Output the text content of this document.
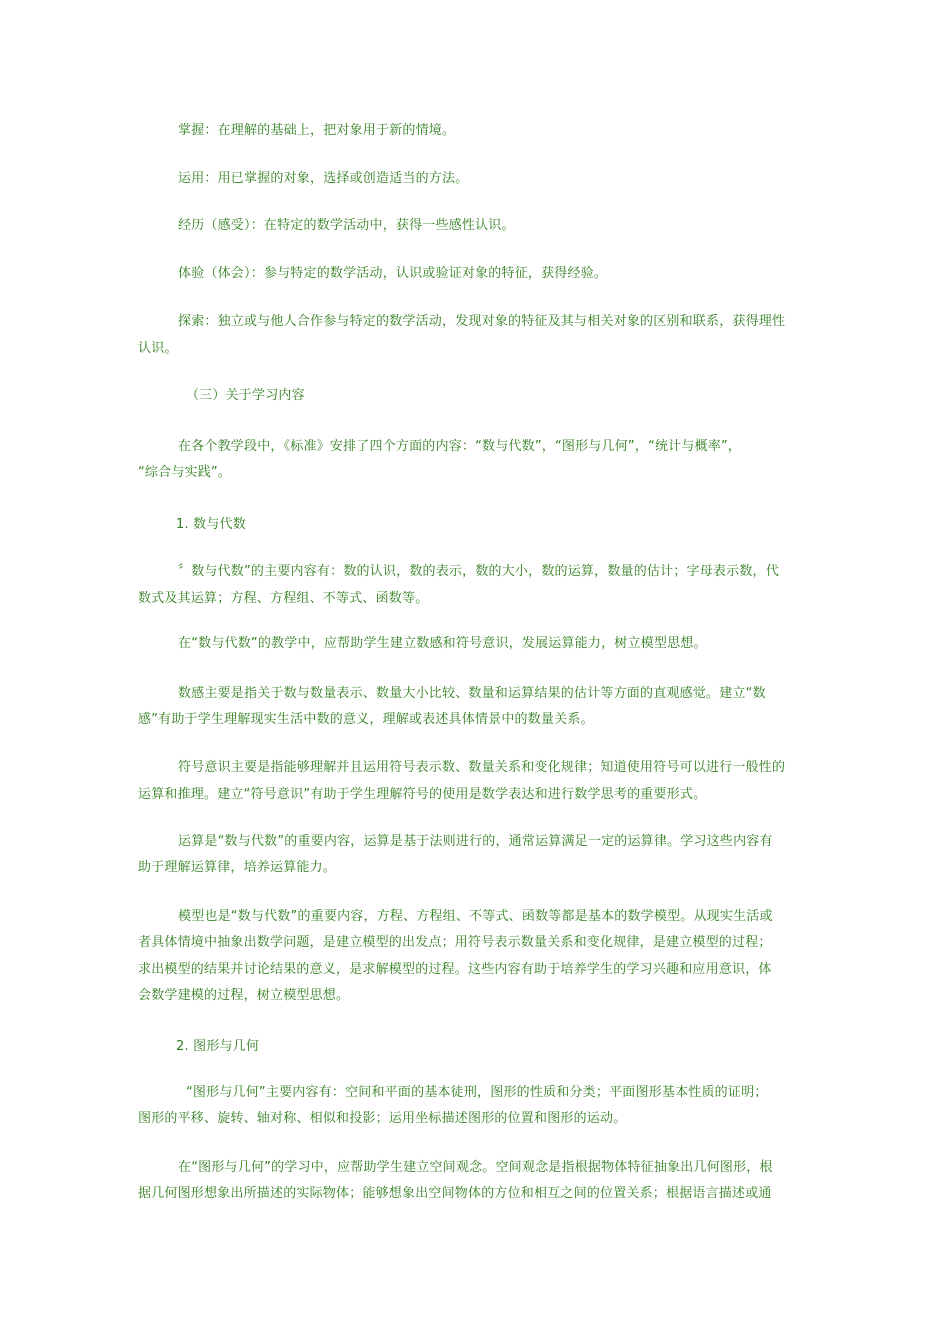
掌握：在理解的基础上，把对象用于新的情境。
运用：用已掌握的对象，选择或创造适当的方法。
经历（感受）：在特定的数学活动中，获得一些感性认识。
体验（体会）：参与特定的数学活动，认识或验证对象的特征，获得经验。
探索：独立或与他人合作参与特定的数学活动，发现对象的特征及其与相关对象的区别和联系，获得理性
认识。
（三）关于学习内容
在各个教学段中，《标准》安排了四个方面的内容：“数与代数”，“图形与几何”，“统计与概率”，
“综合与实践”。
1. 数与代数
〞数与代数”的主要内容有：数的认识，数的表示，数的大小，数的运算，数量的估计；字母表示数，代
数式及其运算；方程、方程组、不等式、函数等。
在“数与代数”的教学中，应帮助学生建立数感和符号意识，发展运算能力，树立模型思想。
数感主要是指关于数与数量表示、数量大小比较、数量和运算结果的估计等方面的直观感觉。建立“数
感”有助于学生理解现实生活中数的意义，理解或表述具体情景中的数量关系。
符号意识主要是指能够理解并且运用符号表示数、数量关系和变化规律；知道使用符号可以进行一般性的
运算和推理。建立“符号意识”有助于学生理解符号的使用是数学表达和进行数学思考的重要形式。
运算是“数与代数”的重要内容，运算是基于法则进行的，通常运算满足一定的运算律。学习这些内容有
助于理解运算律，培养运算能力。
模型也是“数与代数”的重要内容，方程、方程组、不等式、函数等都是基本的数学模型。从现实生活或
者具体情境中抽象出数学问题，是建立模型的出发点；用符号表示数量关系和变化规律，是建立模型的过程；
求出模型的结果并讨论结果的意义，是求解模型的过程。这些内容有助于培养学生的学习兴趣和应用意识，体
会数学建模的过程，树立模型思想。
2. 图形与几何
“图形与几何”主要内容有：空间和平面的基本徒刑，图形的性质和分类；平面图形基本性质的证明；
图形的平移、旋转、轴对称、相似和投影；运用坐标描述图形的位置和图形的运动。
在“图形与几何”的学习中，应帮助学生建立空间观念。空间观念是指根据物体特征抽象出几何图形，根
据几何图形想象出所描述的实际物体；能够想象出空间物体的方位和相互之间的位置关系；根据语言描述或通
